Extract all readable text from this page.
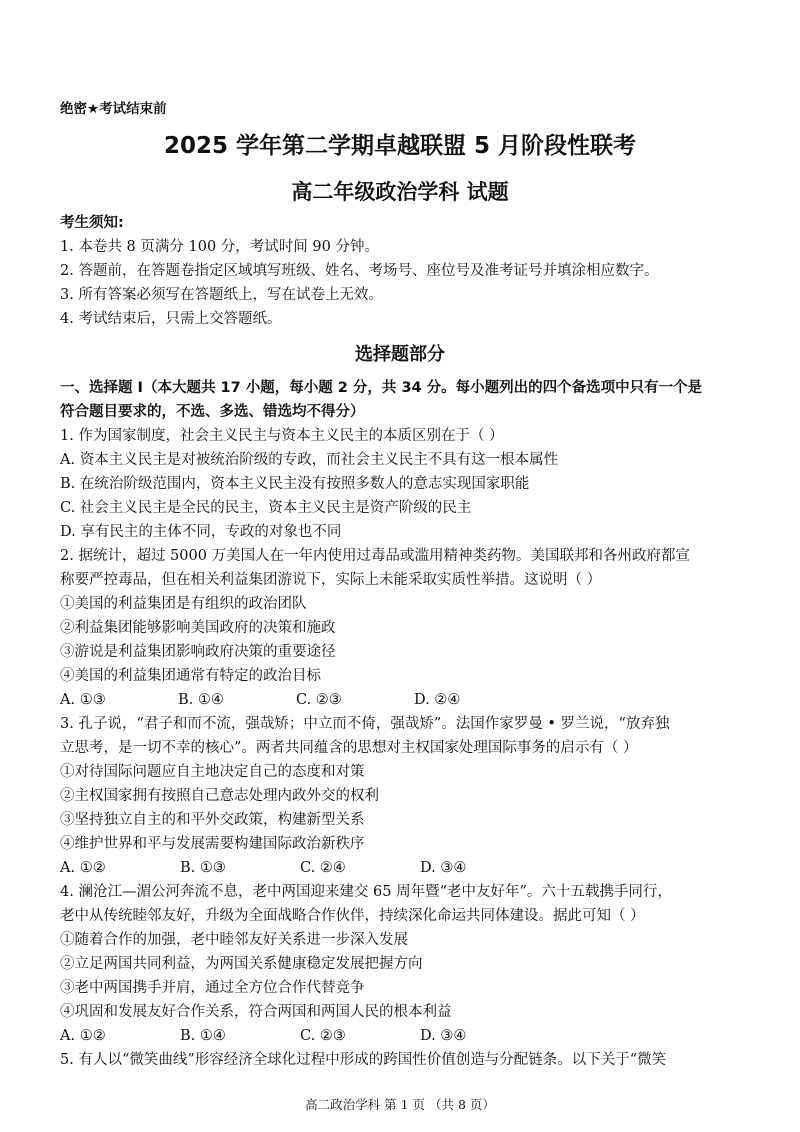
绝密★考试结束前
2025 学年第二学期卓越联盟 5 月阶段性联考
高二年级政治学科 试题
考生须知:
1. 本卷共 8 页满分 100 分，考试时间 90 分钟。
2. 答题前，在答题卷指定区域填写班级、姓名、考场号、座位号及准考证号并填涂相应数字。
3. 所有答案必须写在答题纸上，写在试卷上无效。
4. 考试结束后，只需上交答题纸。
选择题部分
一、选择题 I（本大题共 17 小题，每小题 2 分，共 34 分。每小题列出的四个备选项中只有一个是
符合题目要求的，不选、多选、错选均不得分）
1. 作为国家制度，社会主义民主与资本主义民主的本质区别在于（ ）
A. 资本主义民主是对被统治阶级的专政，而社会主义民主不具有这一根本属性
B. 在统治阶级范围内，资本主义民主没有按照多数人的意志实现国家职能
C. 社会主义民主是全民的民主，资本主义民主是资产阶级的民主
D. 享有民主的主体不同，专政的对象也不同
2. 据统计，超过 5000 万美国人在一年内使用过毒品或滥用精神类药物。美国联邦和各州政府都宣
称要严控毒品，但在相关利益集团游说下，实际上未能采取实质性举措。这说明（ ）
①美国的利益集团是有组织的政治团队
②利益集团能够影响美国政府的决策和施政
③游说是利益集团影响政府决策的重要途径
④美国的利益集团通常有特定的政治目标
A. ①③	B. ①④	C. ②③	D. ②④
3. 孔子说，“君子和而不流，强哉矫；中立而不倚，强哉矫”。法国作家罗曼 • 罗兰说，“放弃独
立思考，是一切不幸的核心”。两者共同蕴含的思想对主权国家处理国际事务的启示有（ ）
①对待国际问题应自主地决定自己的态度和对策
②主权国家拥有按照自己意志处理内政外交的权利
③坚持独立自主的和平外交政策，构建新型关系
④维护世界和平与发展需要构建国际政治新秩序
A. ①②	B. ①③	C. ②④	D. ③④
4. 澜沧江—湄公河奔流不息，老中两国迎来建交 65 周年暨“老中友好年”。六十五载携手同行，
老中从传统睦邻友好，升级为全面战略合作伙伴，持续深化命运共同体建设。据此可知（ ）
①随着合作的加强，老中睦邻友好关系进一步深入发展
②立足两国共同利益，为两国关系健康稳定发展把握方向
③老中两国携手并肩，通过全方位合作代替竞争
④巩固和发展友好合作关系，符合两国和两国人民的根本利益
A. ①②	B. ①④	C. ②③	D. ③④
5. 有人以“微笑曲线”形容经济全球化过程中形成的跨国性价值创造与分配链条。以下关于“微笑
高二政治学科 第 1 页 （共 8 页）
